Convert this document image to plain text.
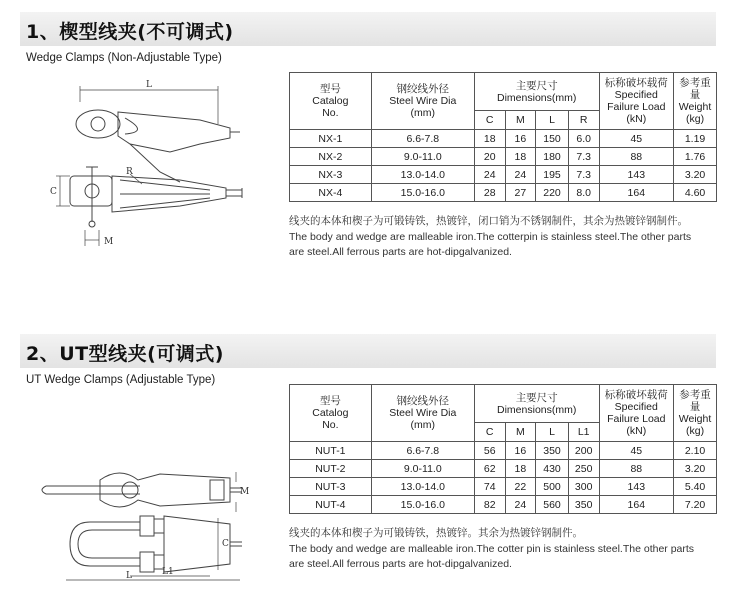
1、楔型线夹(不可调式)
Wedge Clamps (Non-Adjustable Type)
L
R
C
M
型号
Catalog
No.	钢绞线外径
Steel Wire Dia
(mm)	主要尺寸
Dimensions(mm)				标称破坏载荷
Specified
Failure Load
(kN)	参考重量
Weight
(kg)
		C	M	L	R		
NX-1	6.6-7.8	18	16	150	6.0	45	1.19
NX-2	9.0-11.0	20	18	180	7.3	88	1.76
NX-3	13.0-14.0	24	24	195	7.3	143	3.20
NX-4	15.0-16.0	28	27	220	8.0	164	4.60
线夹的本体和楔子为可锻铸铁，热镀锌，闭口销为不锈钢制件，其余为热镀锌钢制件。
The body and wedge are malleable iron.The cotterpin is stainless steel.The other parts
are steel.All ferrous parts are hot-dipgalvanized.
2、UT型线夹(可调式)
UT Wedge Clamps (Adjustable Type)
M
C
L1
L
型号
Catalog
No.	钢绞线外径
Steel Wire Dia
(mm)	主要尺寸
Dimensions(mm)				标称破坏载荷
Specified
Failure Load
(kN)	参考重量
Weight
(kg)
		C	M	L	L1		
NUT-1	6.6-7.8	56	16	350	200	45	2.10
NUT-2	9.0-11.0	62	18	430	250	88	3.20
NUT-3	13.0-14.0	74	22	500	300	143	5.40
NUT-4	15.0-16.0	82	24	560	350	164	7.20
线夹的本体和楔子为可锻铸铁，热镀锌。其余为热镀锌钢制件。
The body and wedge are malleable iron.The cotter pin is stainless steel.The other parts
are steel.All ferrous parts are hot-dipgalvanized.
